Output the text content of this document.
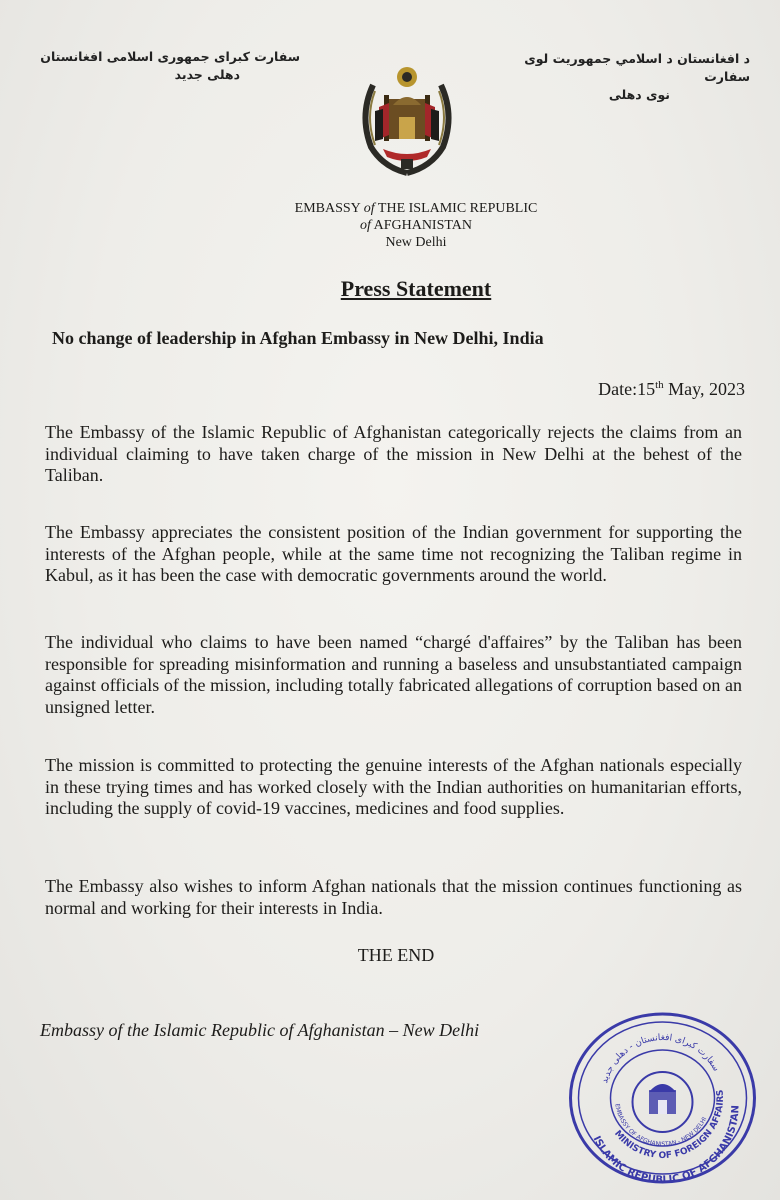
سفارت کبرای جمهوری اسلامی افغانستان
دهلی جدید
د افغانستان د اسلامي جمهوریت لوی سفارت
نوی دهلی
EMBASSY of THE ISLAMIC REPUBLIC
of AFGHANISTAN
New Delhi
Press Statement
No change of leadership in Afghan Embassy in New Delhi, India
Date:15th May, 2023
The Embassy of the Islamic Republic of Afghanistan categorically rejects the claims from an individual claiming to have taken charge of the mission in New Delhi at the behest of the Taliban.
The Embassy appreciates the consistent position of the Indian government for supporting the interests of the Afghan people, while at the same time not recognizing the Taliban regime in Kabul, as it has been the case with democratic governments around the world.
The individual who claims to have been named “chargé d'affaires” by the Taliban has been responsible for spreading misinformation and running a baseless and unsubstantiated campaign against officials of the mission, including totally fabricated allegations of corruption based on an unsigned letter.
The mission is committed to protecting the genuine interests of the Afghan nationals especially in these trying times and has worked closely with the Indian authorities on humanitarian efforts, including the supply of covid-19 vaccines, medicines and food supplies.
The Embassy also wishes to inform Afghan nationals that the mission continues functioning as normal and working for their interests in India.
THE END
Embassy of the Islamic Republic of Afghanistan – New Delhi
ISLAMIC REPUBLIC OF AFGHANISTAN
MINISTRY OF FOREIGN AFFAIRS
EMBASSY OF AFGHANISTAN - NEW DELHI
سفارت کبرای افغانستان - دهلی جدید
